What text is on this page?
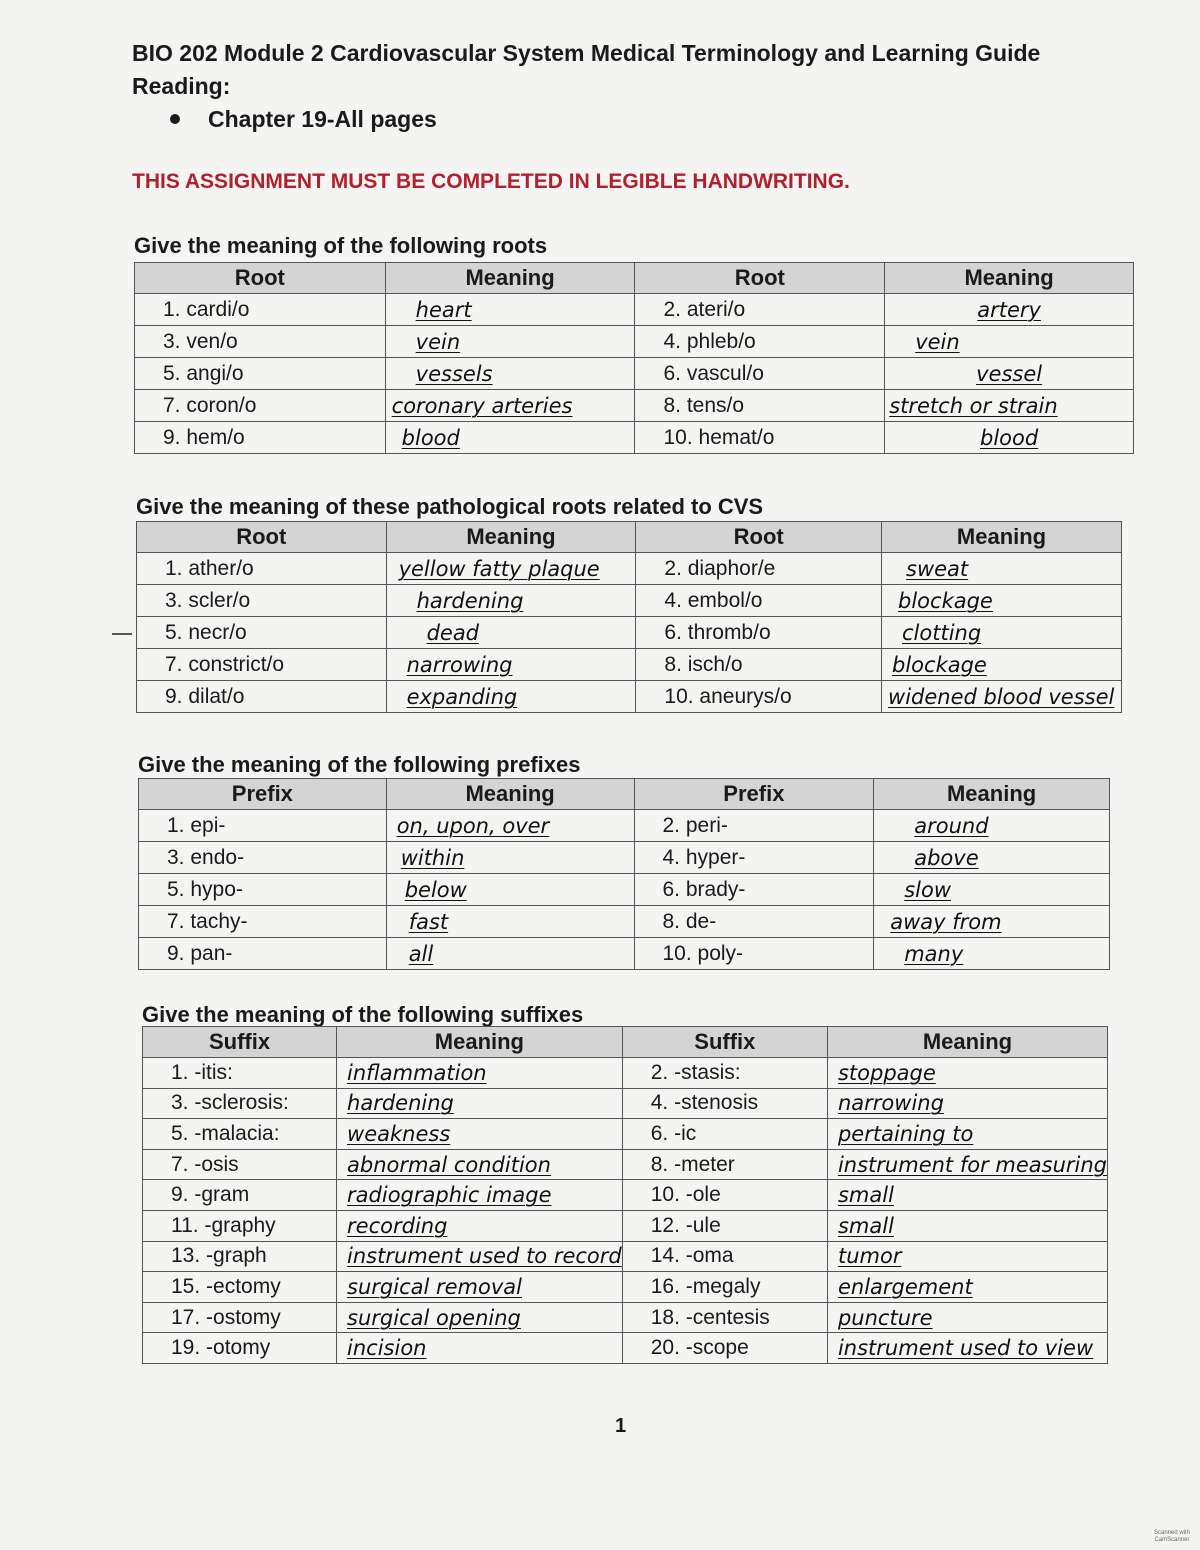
BIO 202 Module 2 Cardiovascular System Medical Terminology and Learning Guide
Reading:
Chapter 19-All pages
THIS ASSIGNMENT MUST BE COMPLETED IN LEGIBLE HANDWRITING.
Give the meaning of the following roots
Root	Meaning	Root	Meaning
1. cardi/o	heart	2. ateri/o	artery
3. ven/o	vein	4. phleb/o	vein
5. angi/o	vessels	6. vascul/o	vessel
7. coron/o	coronary arteries	8. tens/o	stretch or strain
9. hem/o	blood	10. hemat/o	blood
Give the meaning of these pathological roots related to CVS
Root	Meaning	Root	Meaning
1. ather/o	yellow fatty plaque	2. diaphor/e	sweat
3. scler/o	hardening	4. embol/o	blockage
5. necr/o	dead	6. thromb/o	clotting
7. constrict/o	narrowing	8. isch/o	blockage
9. dilat/o	expanding	10. aneurys/o	widened blood vessel
Give the meaning of the following prefixes
Prefix	Meaning	Prefix	Meaning
1. epi-	on, upon, over	2. peri-	around
3. endo-	within	4. hyper-	above
5. hypo-	below	6. brady-	slow
7. tachy-	fast	8. de-	away from
9. pan-	all	10. poly-	many
Give the meaning of the following suffixes
Suffix	Meaning	Suffix	Meaning
1. -itis:	inflammation	2. -stasis:	stoppage
3. -sclerosis:	hardening	4. -stenosis	narrowing
5. -malacia:	weakness	6. -ic	pertaining to
7. -osis	abnormal condition	8. -meter	instrument for measuring
9. -gram	radiographic image	10. -ole	small
11. -graphy	recording	12. -ule	small
13. -graph	instrument used to record	14. -oma	tumor
15. -ectomy	surgical removal	16. -megaly	enlargement
17. -ostomy	surgical opening	18. -centesis	puncture
19. -otomy	incision	20. -scope	instrument used to view
1
Scanned with CamScanner
